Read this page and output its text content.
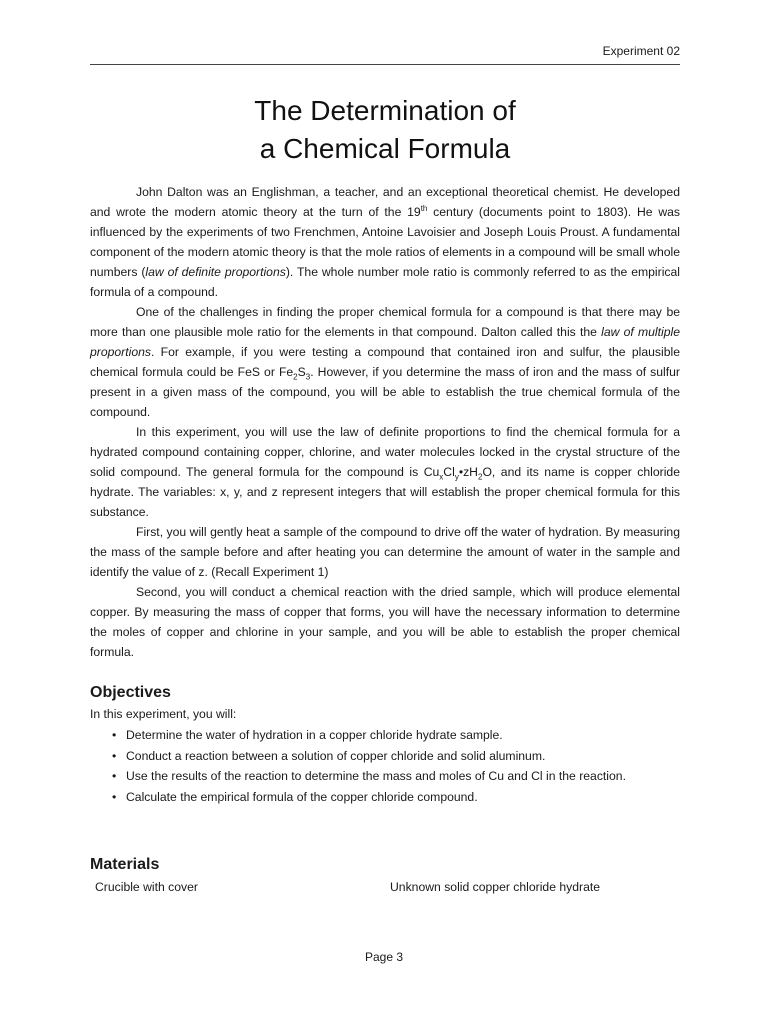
Experiment 02
The Determination of
a Chemical Formula

John Dalton was an Englishman, a teacher, and an exceptional theoretical chemist. He developed and wrote the modern atomic theory at the turn of the 19th century (documents point to 1803). He was influenced by the experiments of two Frenchmen, Antoine Lavoisier and Joseph Louis Proust. A fundamental component of the modern atomic theory is that the mole ratios of elements in a compound will be small whole numbers (law of definite proportions). The whole number mole ratio is commonly referred to as the empirical formula of a compound.

One of the challenges in finding the proper chemical formula for a compound is that there may be more than one plausible mole ratio for the elements in that compound. Dalton called this the law of multiple proportions. For example, if you were testing a compound that contained iron and sulfur, the plausible chemical formula could be FeS or $Fe_2S_3$. However, if you determine the mass of iron and the mass of sulfur present in a given mass of the compound, you will be able to establish the true chemical formula of the compound.

In this experiment, you will use the law of definite proportions to find the chemical formula for a hydrated compound containing copper, chlorine, and water molecules locked in the crystal structure of the solid compound. The general formula for the compound is $Cu_xCl_y•zH_2O$, and its name is copper chloride hydrate. The variables: x, y, and z represent integers that will establish the proper chemical formula for this substance.

First, you will gently heat a sample of the compound to drive off the water of hydration. By measuring the mass of the sample before and after heating you can determine the amount of water in the sample and identify the value of z. (Recall Experiment 1)

Second, you will conduct a chemical reaction with the dried sample, which will produce elemental copper. By measuring the mass of copper that forms, you will have the necessary information to determine the moles of copper and chlorine in your sample, and you will be able to establish the proper chemical formula.

Objectives
In this experiment, you will:
• Determine the water of hydration in a copper chloride hydrate sample.
• Conduct a reaction between a solution of copper chloride and solid aluminum.
• Use the results of the reaction to determine the mass and moles of Cu and Cl in the reaction.
• Calculate the empirical formula of the copper chloride compound.
Materials
Crucible with cover	Unknown solid copper chloride hydrate
Page 3
